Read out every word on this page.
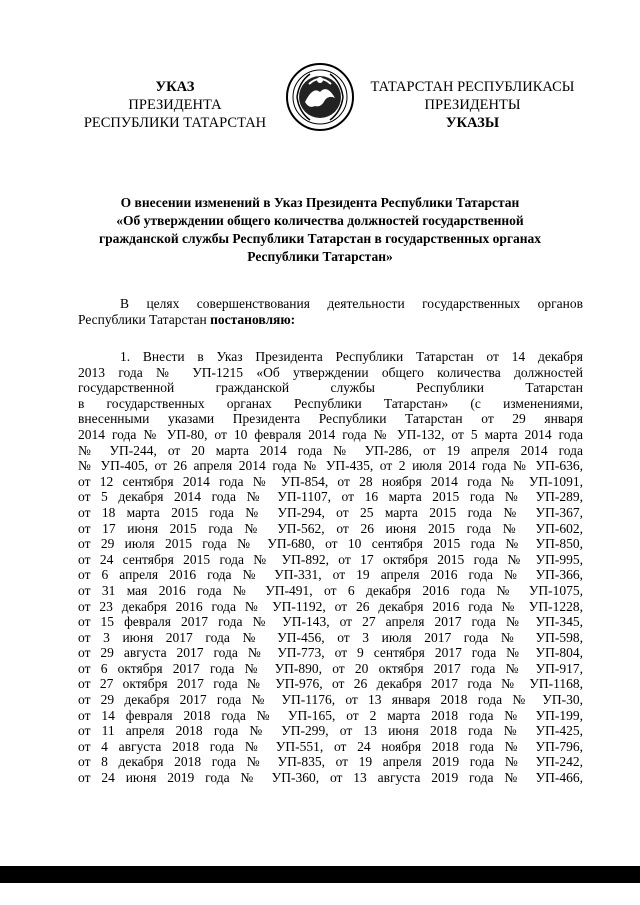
УКАЗ
ПРЕЗИДЕНТА
РЕСПУБЛИКИ ТАТАРСТАН
ТАТАРСТАН РЕСПУБЛИКАСЫ
ПРЕЗИДЕНТЫ
УКАЗЫ
О внесении изменений в Указ Президента Республики Татарстан
«Об утверждении общего количества должностей государственной
гражданской службы Республики Татарстан в государственных органах
Республики Татарстан»
В целях совершенствования деятельности государственных органов
Республики Татарстан постановляю:
1. Внести в Указ Президента Республики Татарстан от 14 декабря
2013 года № УП-1215 «Об утверждении общего количества должностей
государственной гражданской службы Республики Татарстан
в государственных органах Республики Татарстан» (с изменениями,
внесенными указами Президента Республики Татарстан от 29 января
2014 года № УП-80, от 10 февраля 2014 года № УП-132, от 5 марта 2014 года
№ УП-244, от 20 марта 2014 года № УП-286, от 19 апреля 2014 года
№ УП-405, от 26 апреля 2014 года № УП-435, от 2 июля 2014 года № УП-636,
от 12 сентября 2014 года № УП-854, от 28 ноября 2014 года № УП-1091,
от 5 декабря 2014 года № УП-1107, от 16 марта 2015 года № УП-289,
от 18 марта 2015 года № УП-294, от 25 марта 2015 года № УП-367,
от 17 июня 2015 года № УП-562, от 26 июня 2015 года № УП-602,
от 29 июля 2015 года № УП-680, от 10 сентября 2015 года № УП-850,
от 24 сентября 2015 года № УП-892, от 17 октября 2015 года № УП-995,
от 6 апреля 2016 года № УП-331, от 19 апреля 2016 года № УП-366,
от 31 мая 2016 года № УП-491, от 6 декабря 2016 года № УП-1075,
от 23 декабря 2016 года № УП-1192, от 26 декабря 2016 года № УП-1228,
от 15 февраля 2017 года № УП-143, от 27 апреля 2017 года № УП-345,
от 3 июня 2017 года № УП-456, от 3 июля 2017 года № УП-598,
от 29 августа 2017 года № УП-773, от 9 сентября 2017 года № УП-804,
от 6 октября 2017 года № УП-890, от 20 октября 2017 года № УП-917,
от 27 октября 2017 года № УП-976, от 26 декабря 2017 года № УП-1168,
от 29 декабря 2017 года № УП-1176, от 13 января 2018 года № УП-30,
от 14 февраля 2018 года № УП-165, от 2 марта 2018 года № УП-199,
от 11 апреля 2018 года № УП-299, от 13 июня 2018 года № УП-425,
от 4 августа 2018 года № УП-551, от 24 ноября 2018 года № УП-796,
от 8 декабря 2018 года № УП-835, от 19 апреля 2019 года № УП-242,
от 24 июня 2019 года № УП-360, от 13 августа 2019 года № УП-466,
